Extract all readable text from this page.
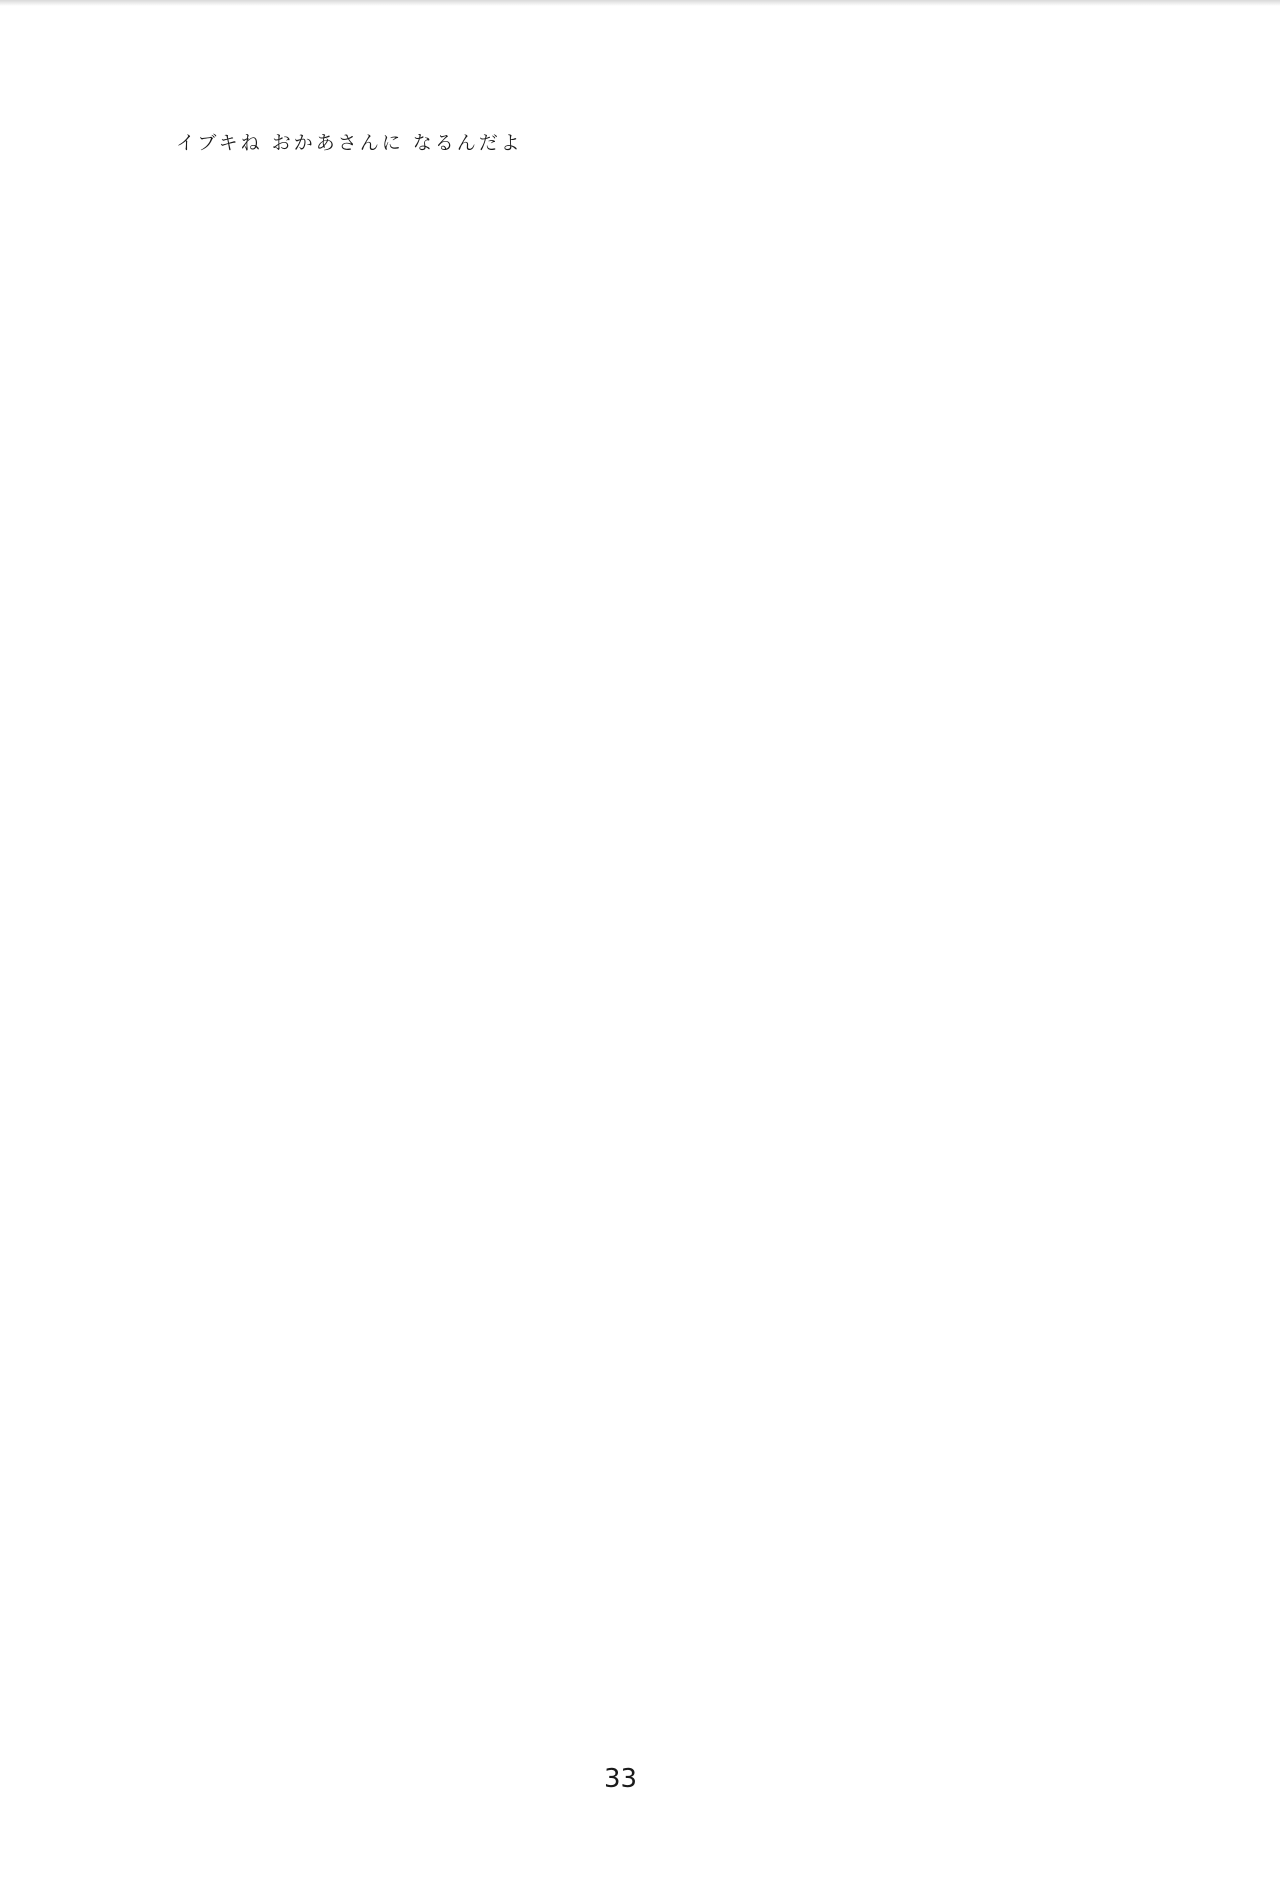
イブキね おかあさんに なるんだよ
33
